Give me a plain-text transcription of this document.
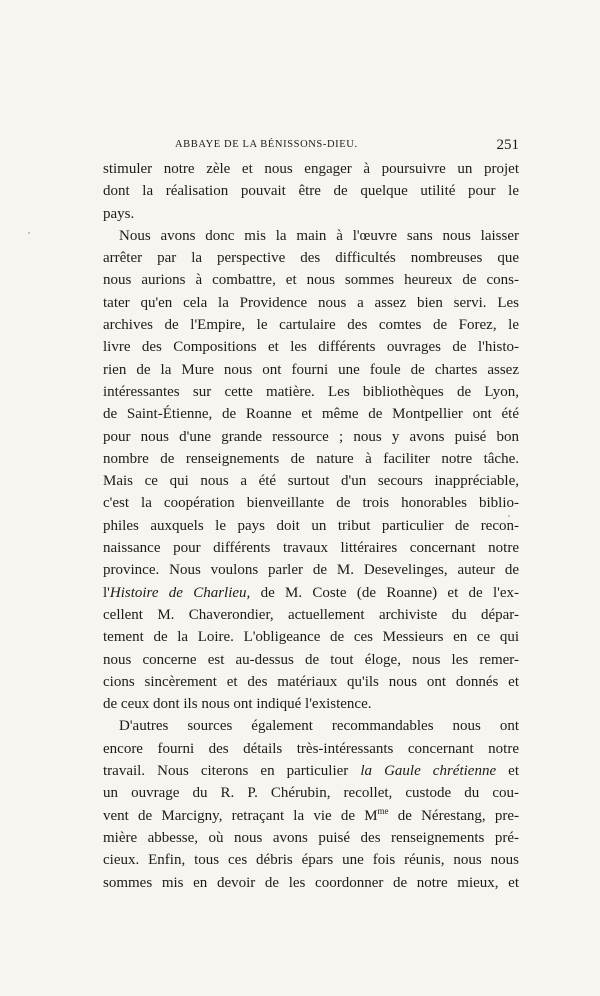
ABBAYE DE LA BÉNISSONS-DIEU.	251
stimuler notre zèle et nous engager à poursuivre un projet
dont la réalisation pouvait être de quelque utilité pour le
pays.
Nous avons donc mis la main à l'œuvre sans nous laisser
arrêter par la perspective des difficultés nombreuses que
nous aurions à combattre, et nous sommes heureux de cons-
tater qu'en cela la Providence nous a assez bien servi. Les
archives de l'Empire, le cartulaire des comtes de Forez, le
livre des Compositions et les différents ouvrages de l'histo-
rien de la Mure nous ont fourni une foule de chartes assez
intéressantes sur cette matière. Les bibliothèques de Lyon,
de Saint-Étienne, de Roanne et même de Montpellier ont été
pour nous d'une grande ressource ; nous y avons puisé bon
nombre de renseignements de nature à faciliter notre tâche.
Mais ce qui nous a été surtout d'un secours inappréciable,
c'est la coopération bienveillante de trois honorables biblio-
philes auxquels le pays doit un tribut particulier de recon-
naissance pour différents travaux littéraires concernant notre
province. Nous voulons parler de M. Desevelinges, auteur de
l'Histoire de Charlieu, de M. Coste (de Roanne) et de l'ex-
cellent M. Chaverondier, actuellement archiviste du dépar-
tement de la Loire. L'obligeance de ces Messieurs en ce qui
nous concerne est au-dessus de tout éloge, nous les remer-
cions sincèrement et des matériaux qu'ils nous ont donnés et
de ceux dont ils nous ont indiqué l'existence.
D'autres sources également recommandables nous ont
encore fourni des détails très-intéressants concernant notre
travail. Nous citerons en particulier la Gaule chrétienne et
un ouvrage du R. P. Chérubin, recollet, custode du cou-
vent de Marcigny, retraçant la vie de $M^{me}$ de Nérestang, pre-
mière abbesse, où nous avons puisé des renseignements pré-
cieux. Enfin, tous ces débris épars une fois réunis, nous nous
sommes mis en devoir de les coordonner de notre mieux, et
